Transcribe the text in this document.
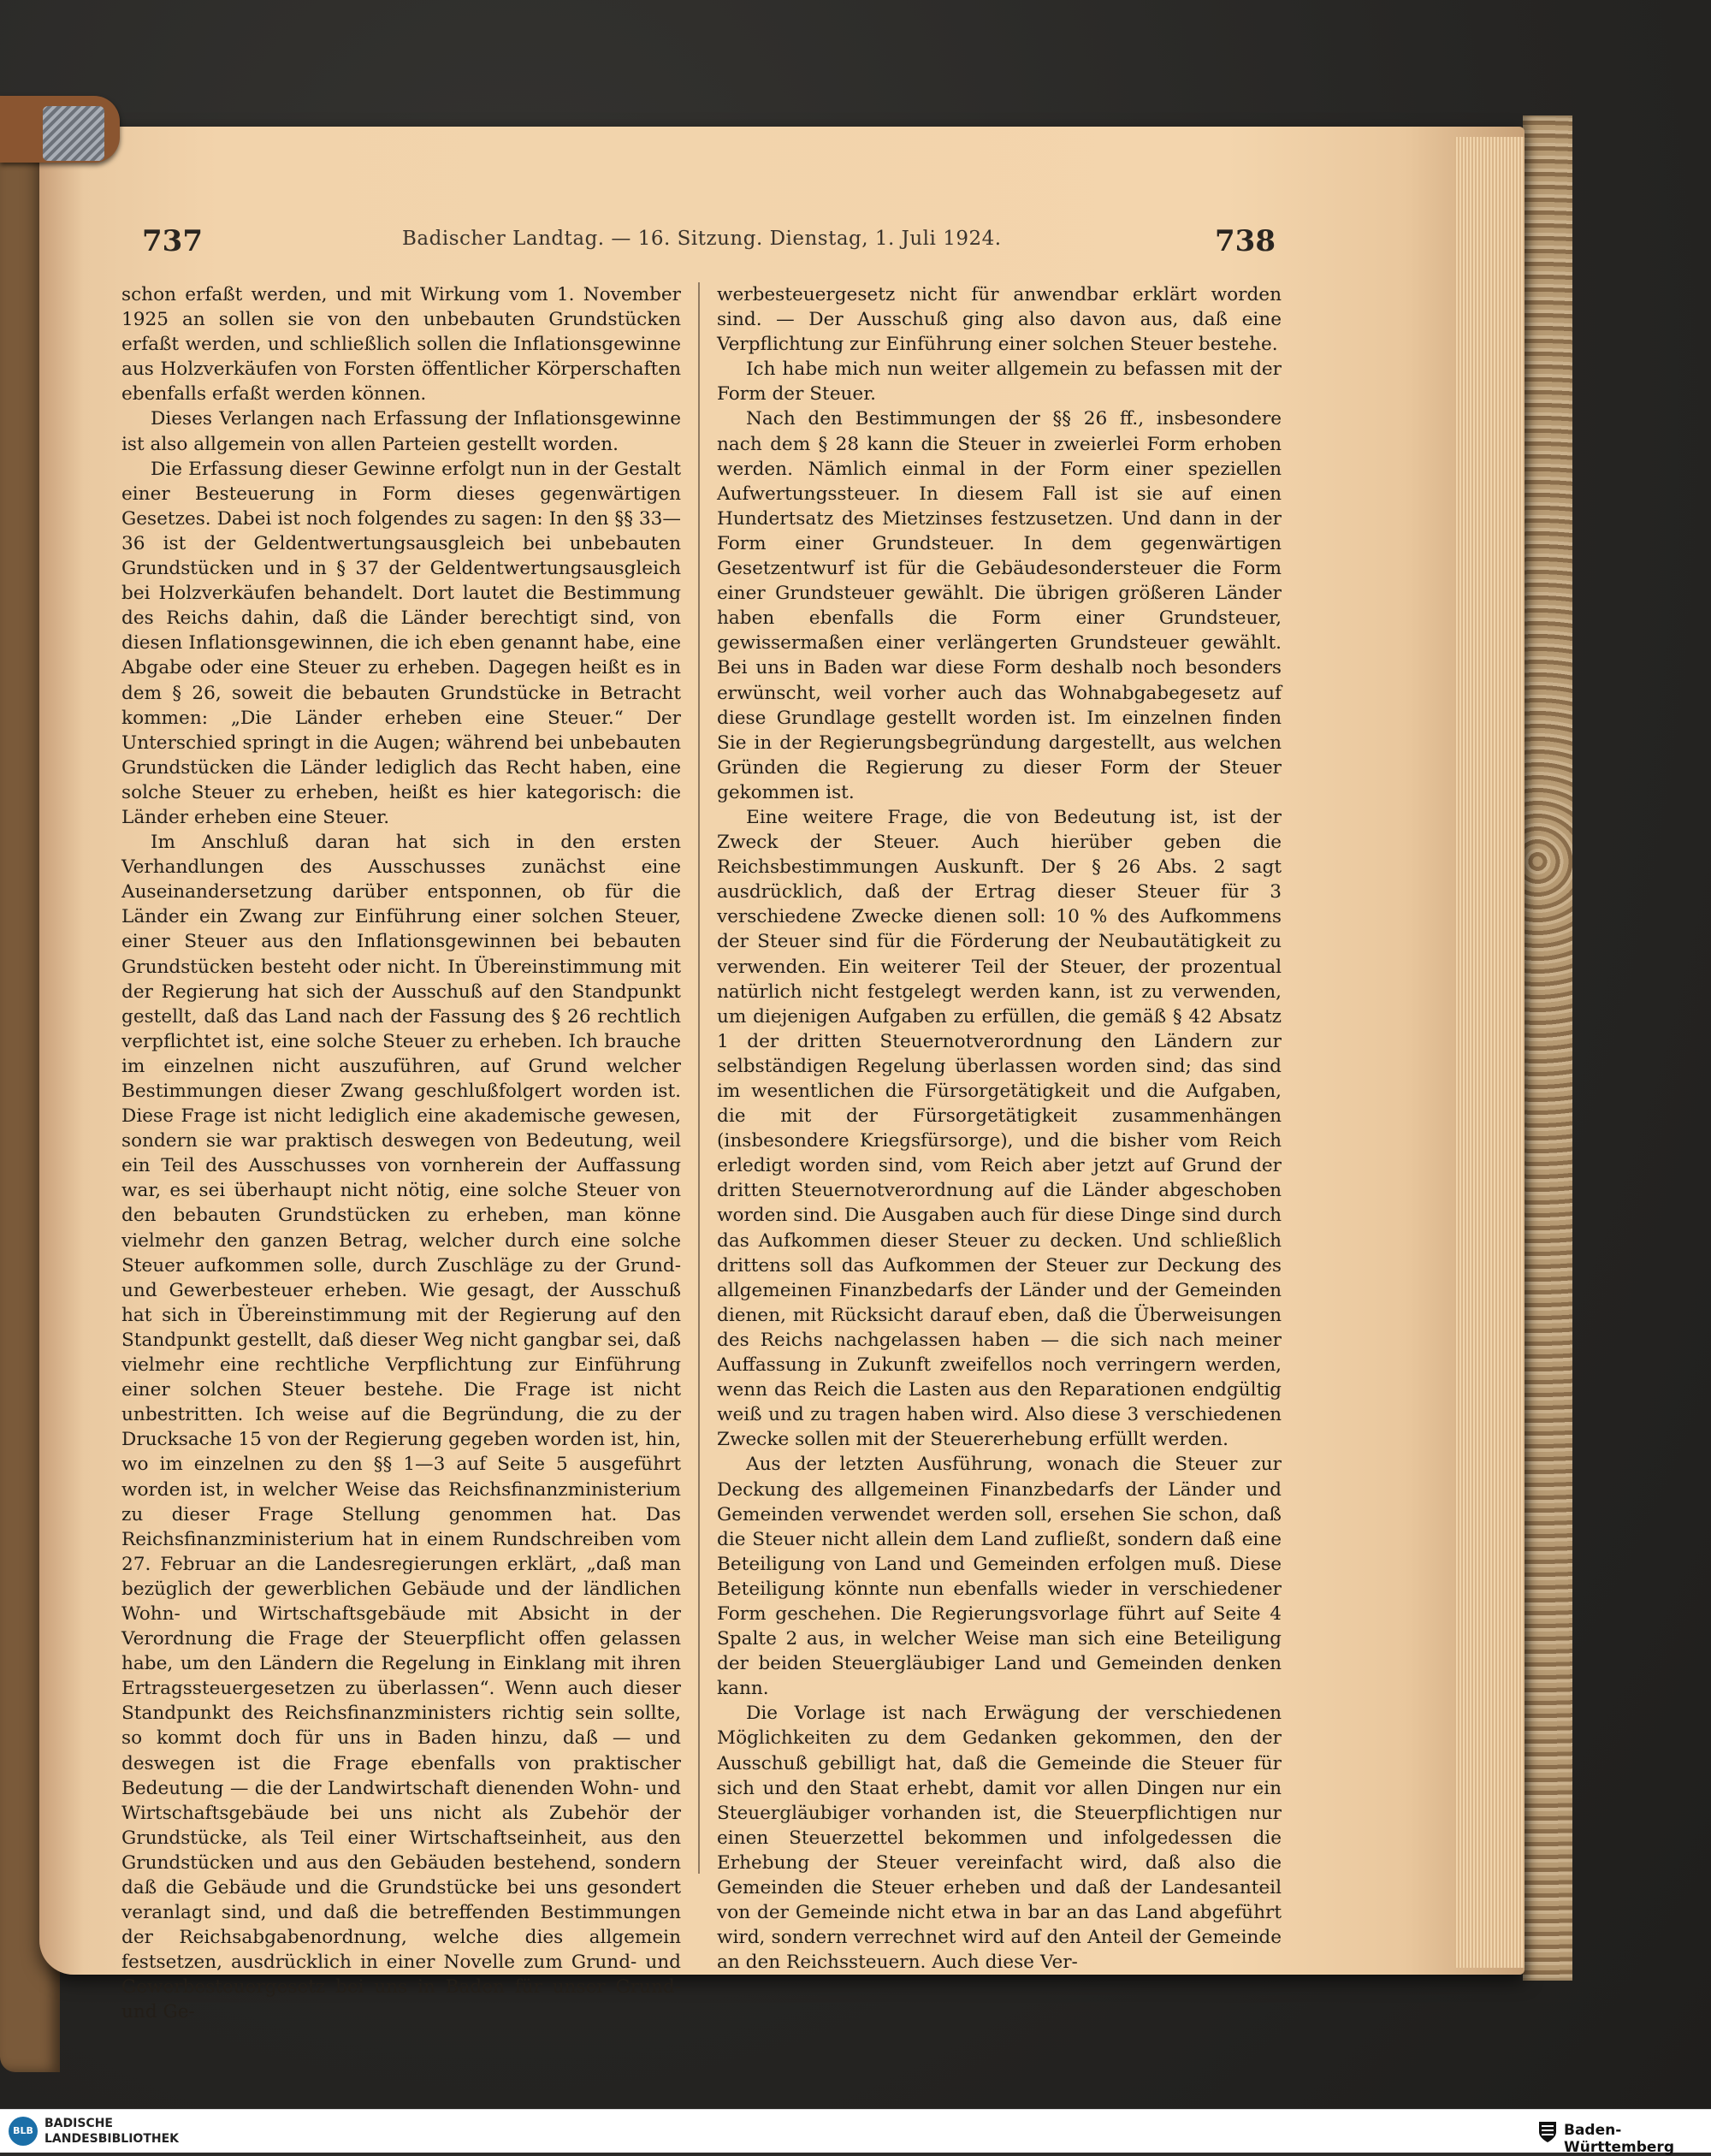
737	Badischer Landtag. — 16. Sitzung. Dienstag, 1. Juli 1924.	738

schon erfaßt werden, und mit Wirkung vom 1. November 1925 an sollen sie von den unbebauten Grundstücken erfaßt werden, und schließlich sollen die Inflationsgewinne aus Holzverkäufen von Forsten öffentlicher Körperschaften ebenfalls erfaßt werden können.

Dieses Verlangen nach Erfassung der Inflationsgewinne ist also allgemein von allen Parteien gestellt worden.

Die Erfassung dieser Gewinne erfolgt nun in der Gestalt einer Besteuerung in Form dieses gegenwärtigen Gesetzes. Dabei ist noch folgendes zu sagen: In den §§ 33—36 ist der Geldentwertungsausgleich bei unbebauten Grundstücken und in § 37 der Geldentwertungsausgleich bei Holzverkäufen behandelt. Dort lautet die Bestimmung des Reichs dahin, daß die Länder berechtigt sind, von diesen Inflationsgewinnen, die ich eben genannt habe, eine Abgabe oder eine Steuer zu erheben. Dagegen heißt es in dem § 26, soweit die bebauten Grundstücke in Betracht kommen: „Die Länder erheben eine Steuer.“ Der Unterschied springt in die Augen; während bei unbebauten Grundstücken die Länder lediglich das Recht haben, eine solche Steuer zu erheben, heißt es hier kategorisch: die Länder erheben eine Steuer.

Im Anschluß daran hat sich in den ersten Verhandlungen des Ausschusses zunächst eine Auseinandersetzung darüber entsponnen, ob für die Länder ein Zwang zur Einführung einer solchen Steuer, einer Steuer aus den Inflationsgewinnen bei bebauten Grundstücken besteht oder nicht. In Übereinstimmung mit der Regierung hat sich der Ausschuß auf den Standpunkt gestellt, daß das Land nach der Fassung des § 26 rechtlich verpflichtet ist, eine solche Steuer zu erheben. Ich brauche im einzelnen nicht auszuführen, auf Grund welcher Bestimmungen dieser Zwang geschlußfolgert worden ist. Diese Frage ist nicht lediglich eine akademische gewesen, sondern sie war praktisch deswegen von Bedeutung, weil ein Teil des Ausschusses von vornherein der Auffassung war, es sei überhaupt nicht nötig, eine solche Steuer von den bebauten Grundstücken zu erheben, man könne vielmehr den ganzen Betrag, welcher durch eine solche Steuer aufkommen solle, durch Zuschläge zu der Grund- und Gewerbesteuer erheben. Wie gesagt, der Ausschuß hat sich in Übereinstimmung mit der Regierung auf den Standpunkt gestellt, daß dieser Weg nicht gangbar sei, daß vielmehr eine rechtliche Verpflichtung zur Einführung einer solchen Steuer bestehe. Die Frage ist nicht unbestritten. Ich weise auf die Begründung, die zu der Drucksache 15 von der Regierung gegeben worden ist, hin, wo im einzelnen zu den §§ 1—3 auf Seite 5 ausgeführt worden ist, in welcher Weise das Reichsfinanzministerium zu dieser Frage Stellung genommen hat. Das Reichsfinanzministerium hat in einem Rundschreiben vom 27. Februar an die Landesregierungen erklärt, „daß man bezüglich der gewerblichen Gebäude und der ländlichen Wohn- und Wirtschaftsgebäude mit Absicht in der Verordnung die Frage der Steuerpflicht offen gelassen habe, um den Ländern die Regelung in Einklang mit ihren Ertragssteuergesetzen zu überlassen“. Wenn auch dieser Standpunkt des Reichsfinanzministers richtig sein sollte, so kommt doch für uns in Baden hinzu, daß — und deswegen ist die Frage ebenfalls von praktischer Bedeutung — die der Landwirtschaft dienenden Wohn- und Wirtschaftsgebäude bei uns nicht als Zubehör der Grundstücke, als Teil einer Wirtschaftseinheit, aus den Grundstücken und aus den Gebäuden bestehend, sondern daß die Gebäude und die Grundstücke bei uns gesondert veranlagt sind, und daß die betreffenden Bestimmungen der Reichsabgabenordnung, welche dies allgemein festsetzen, ausdrücklich in einer Novelle zum Grund- und Gewerbesteuergesetz bei uns in Baden für unser Grund- und Ge-

werbesteuergesetz nicht für anwendbar erklärt worden sind. — Der Ausschuß ging also davon aus, daß eine Verpflichtung zur Einführung einer solchen Steuer bestehe.

Ich habe mich nun weiter allgemein zu befassen mit der Form der Steuer.

Nach den Bestimmungen der §§ 26 ff., insbesondere nach dem § 28 kann die Steuer in zweierlei Form erhoben werden. Nämlich einmal in der Form einer speziellen Aufwertungssteuer. In diesem Fall ist sie auf einen Hundertsatz des Mietzinses festzusetzen. Und dann in der Form einer Grundsteuer. In dem gegenwärtigen Gesetzentwurf ist für die Gebäudesondersteuer die Form einer Grundsteuer gewählt. Die übrigen größeren Länder haben ebenfalls die Form einer Grundsteuer, gewissermaßen einer verlängerten Grundsteuer gewählt. Bei uns in Baden war diese Form deshalb noch besonders erwünscht, weil vorher auch das Wohnabgabegesetz auf diese Grundlage gestellt worden ist. Im einzelnen finden Sie in der Regierungsbegründung dargestellt, aus welchen Gründen die Regierung zu dieser Form der Steuer gekommen ist.

Eine weitere Frage, die von Bedeutung ist, ist der Zweck der Steuer. Auch hierüber geben die Reichsbestimmungen Auskunft. Der § 26 Abs. 2 sagt ausdrücklich, daß der Ertrag dieser Steuer für 3 verschiedene Zwecke dienen soll: 10 % des Aufkommens der Steuer sind für die Förderung der Neubautätigkeit zu verwenden. Ein weiterer Teil der Steuer, der prozentual natürlich nicht festgelegt werden kann, ist zu verwenden, um diejenigen Aufgaben zu erfüllen, die gemäß § 42 Absatz 1 der dritten Steuernotverordnung den Ländern zur selbständigen Regelung überlassen worden sind; das sind im wesentlichen die Fürsorgetätigkeit und die Aufgaben, die mit der Fürsorgetätigkeit zusammenhängen (insbesondere Kriegsfürsorge), und die bisher vom Reich erledigt worden sind, vom Reich aber jetzt auf Grund der dritten Steuernotverordnung auf die Länder abgeschoben worden sind. Die Ausgaben auch für diese Dinge sind durch das Aufkommen dieser Steuer zu decken. Und schließlich drittens soll das Aufkommen der Steuer zur Deckung des allgemeinen Finanzbedarfs der Länder und der Gemeinden dienen, mit Rücksicht darauf eben, daß die Überweisungen des Reichs nachgelassen haben — die sich nach meiner Auffassung in Zukunft zweifellos noch verringern werden, wenn das Reich die Lasten aus den Reparationen endgültig weiß und zu tragen haben wird. Also diese 3 verschiedenen Zwecke sollen mit der Steuererhebung erfüllt werden.

Aus der letzten Ausführung, wonach die Steuer zur Deckung des allgemeinen Finanzbedarfs der Länder und Gemeinden verwendet werden soll, ersehen Sie schon, daß die Steuer nicht allein dem Land zufließt, sondern daß eine Beteiligung von Land und Gemeinden erfolgen muß. Diese Beteiligung könnte nun ebenfalls wieder in verschiedener Form geschehen. Die Regierungsvorlage führt auf Seite 4 Spalte 2 aus, in welcher Weise man sich eine Beteiligung der beiden Steuergläubiger Land und Gemeinden denken kann.

Die Vorlage ist nach Erwägung der verschiedenen Möglichkeiten zu dem Gedanken gekommen, den der Ausschuß gebilligt hat, daß die Gemeinde die Steuer für sich und den Staat erhebt, damit vor allen Dingen nur ein Steuergläubiger vorhanden ist, die Steuerpflichtigen nur einen Steuerzettel bekommen und infolgedessen die Erhebung der Steuer vereinfacht wird, daß also die Gemeinden die Steuer erheben und daß der Landesanteil von der Gemeinde nicht etwa in bar an das Land abgeführt wird, sondern verrechnet wird auf den Anteil der Gemeinde an den Reichssteuern. Auch diese Ver-

BLB
BADISCHE
LANDESBIBLIOTHEK	Baden-Württemberg
